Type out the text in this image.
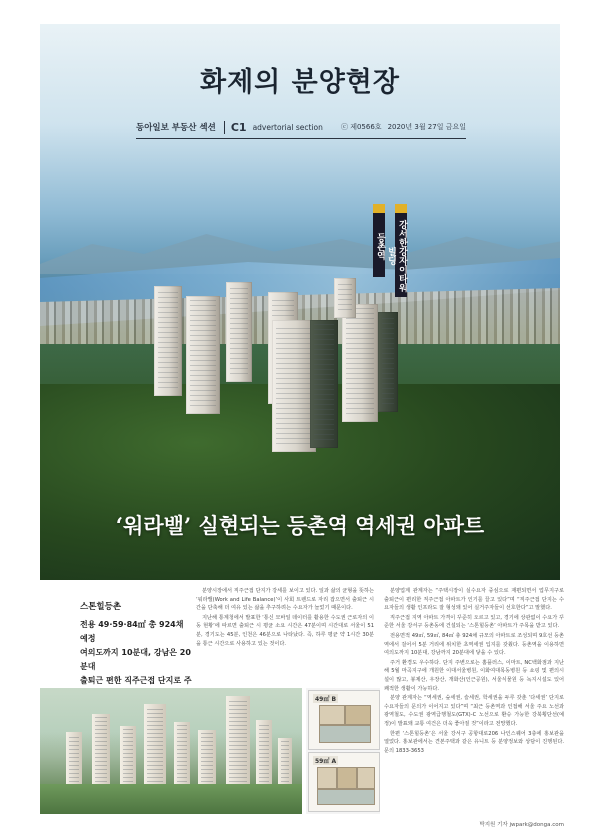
등촌역 강서한강자이타워 빌딩
화제의 분양현장
동아일보 부동산 섹션	C1 advertorial section	ⓒ 제0566호 2020년 3월 27일 금요일
‘워라밸’ 실현되는 등촌역 역세권 아파트
스톤힐등촌
전용 49·59·84㎡ 총 924채 예정
여의도까지 10분대, 강남은 20분대
출퇴근 편한 직주근접 단지로 주

분양시장에서 직주근접 단지가 강세를 보이고 있다. 일과 삶의 균형을 뜻하는 ‘워라밸(Work and Life Balance)’이 사회 트렌드로 자리 잡으면서 출퇴근 시간을 단축해 더 여유 있는 삶을 추구하려는 수요자가 늘었기 때문이다.

지난해 통계청에서 발표한 ‘통신 모바일 데이터를 활용한 수도권 근로자의 이동 현황’에 따르면 출퇴근 시 평균 소요 시간은 47분이며 시간대로 서울이 51분, 경기도는 45분, 인천은 46분으로 나타났다. 즉, 하루 평균 약 1시간 30분을 통근 시간으로 사용하고 있는 것이다.

분양업계 관계자는 “주택시장이 실수요자 중심으로 재편되면서 업무지구로 출퇴근이 편리한 직주근접 아파트가 인기를 끌고 있다”며 “직주근접 단지는 수요자들의 생활 인프라도 잘 형성돼 있어 실거주자들이 선호한다”고 말했다.

직주근접 지역 아파트 가격이 꾸준히 오르고 있고, 경기에 상관없이 수요가 꾸준한 서울 강서구 등촌동에 건설되는 ‘스톤힐등촌’ 아파트가 주목을 받고 있다.

전용면적 49㎡, 59㎡, 84㎡ 총 924채 규모의 아파트로 조성되며 9호선 등촌역에서 걸어서 5분 거리에 위치한 초역세권 입지를 갖췄다. 등촌역을 이용하면 여의도까지 10분대, 강남까지 20분대에 닿을 수 있다.

주거 환경도 우수하다. 단지 주변으로는 홈플러스, 이마트, NC백화점과 지난해 5월 마곡지구에 개원한 이대서울병원, 이화여대목동병원 등 쇼핑 및 편의시설이 많고, 봉제산, 우장산, 개화산(인근공원), 서울식물원 등 녹지시설도 있어 쾌적한 생활이 가능하다.

분양 관계자는 “역세권, 숲세권, 슬세권, 학세권을 두루 갖춘 ‘다세권’ 단지로 수요자들의 문의가 이어지고 있다”며 “최근 등촌역과 인접해 서울 주요 노선과 광역철도, 수도권 광역급행철도(GTX)-C 노선으로 환승 가능한 강북횡단선(예정)이 발표돼 교통 여건은 더욱 좋아질 것”이라고 전망했다.

한편 ‘스톤힐등촌’은 서울 강서구 공항대로206 나인스퀘어 3층에 홍보관을 열었다. 홍보관에서는 견본주택과 같은 유니트 등 분양정보와 상담이 진행된다. 문의 1833-3653

49㎡ B
59㎡ A
박지원 기자 jwpark@donga.com
